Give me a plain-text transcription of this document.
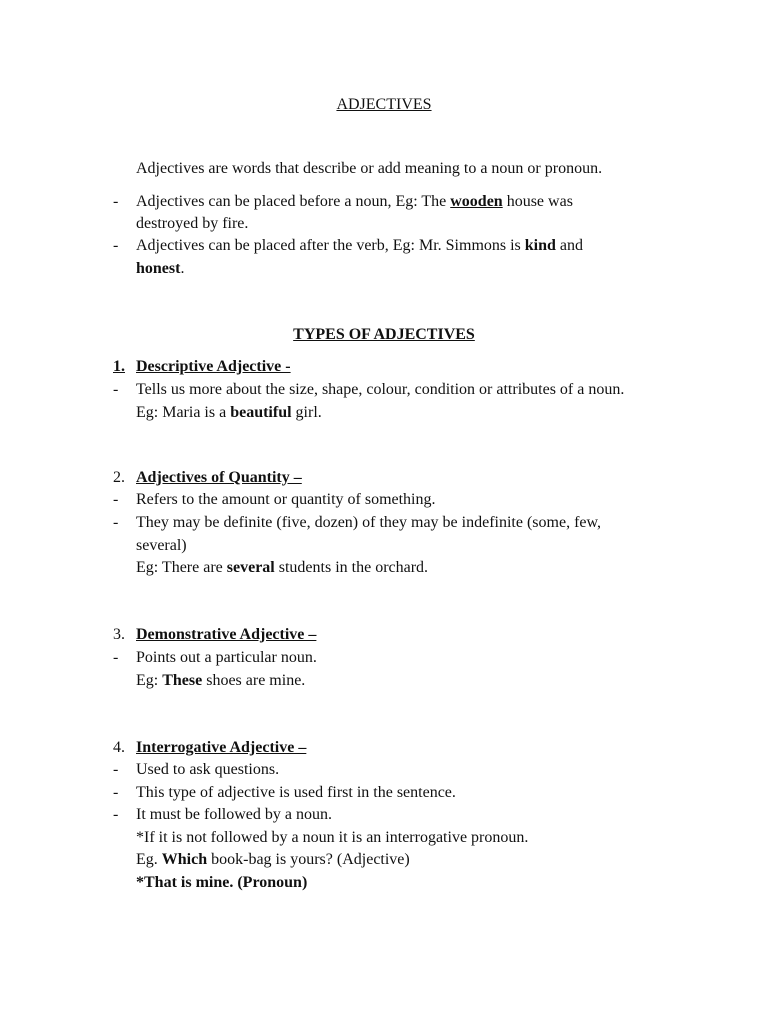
ADJECTIVES
Adjectives are words that describe or add meaning to a noun or pronoun.
- Adjectives can be placed before a noun, Eg: The wooden house was
destroyed by fire.
- Adjectives can be placed after the verb, Eg: Mr. Simmons is kind and
honest.
TYPES OF ADJECTIVES
1. Descriptive Adjective -
- Tells us more about the size, shape, colour, condition or attributes of a noun.
Eg: Maria is a beautiful girl.
2. Adjectives of Quantity –
- Refers to the amount or quantity of something.
- They may be definite (five, dozen) of they may be indefinite (some, few,
several)
Eg: There are several students in the orchard.
3. Demonstrative Adjective –
- Points out a particular noun.
Eg: These shoes are mine.
4. Interrogative Adjective –
- Used to ask questions.
- This type of adjective is used first in the sentence.
- It must be followed by a noun.
*If it is not followed by a noun it is an interrogative pronoun.
Eg. Which book-bag is yours? (Adjective)
*That is mine. (Pronoun)
